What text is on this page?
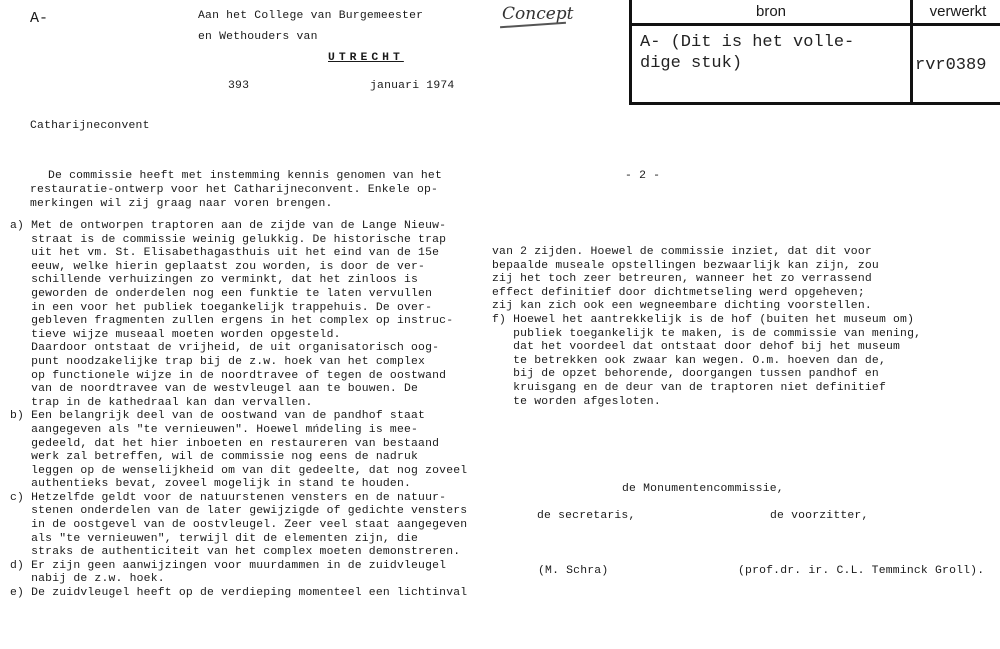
A-	Aan het College van Burgemeester
en Wethouders van
UTRECHT
393	januari 1974
Catharijneconvent
De commissie heeft met instemming kennis genomen van het
restauratie-ontwerp voor het Catharijneconvent. Enkele op-
merkingen wil zij graag naar voren brengen.
a) Met de ontworpen traptoren aan de zijde van de Lange Nieuw-
straat is de commissie weinig gelukkig. De historische trap
uit het vm. St. Elisabethagasthuis uit het eind van de 15e
eeuw, welke hierin geplaatst zou worden, is door de ver-
schillende verhuizingen zo verminkt, dat het zinloos is
geworden de onderdelen nog een funktie te laten vervullen
in een voor het publiek toegankelijk trappehuis. De over-
gebleven fragmenten zullen ergens in het complex op instruc-
tieve wijze museaal moeten worden opgesteld.
Daardoor ontstaat de vrijheid, de uit organisatorisch oog-
punt noodzakelijke trap bij de z.w. hoek van het complex
op functionele wijze in de noordtravee of tegen de oostwand
van de noordtravee van de westvleugel aan te bouwen. De
trap in de kathedraal kan dan vervallen.
b) Een belangrijk deel van de oostwand van de pandhof staat
aangegeven als "te vernieuwen". Hoewel mńdeling is mee-
gedeeld, dat het hier inboeten en restaureren van bestaand
werk zal betreffen, wil de commissie nog eens de nadruk
leggen op de wenselijkheid om van dit gedeelte, dat nog zoveel
authentieks bevat, zoveel mogelijk in stand te houden.
c) Hetzelfde geldt voor de natuurstenen vensters en de natuur-
stenen onderdelen van de later gewijzigde of gedichte vensters
in de oostgevel van de oostvleugel. Zeer veel staat aangegeven
als "te vernieuwen", terwijl dit de elementen zijn, die
straks de authenticiteit van het complex moeten demonstreren.
d) Er zijn geen aanwijzingen voor muurdammen in de zuidvleugel
nabij de z.w. hoek.
e) De zuidvleugel heeft op de verdieping momenteel een lichtinval
Concept	bron	verwerkt
A- (Dit is het volle-
dige stuk)	rvr0389
- 2 -
van 2 zijden. Hoewel de commissie inziet, dat dit voor
bepaalde museale opstellingen bezwaarlijk kan zijn, zou
zij het toch zeer betreuren, wanneer het zo verrassend
effect definitief door dichtmetseling werd opgeheven;
zij kan zich ook een wegneembare dichting voorstellen.
f) Hoewel het aantrekkelijk is de hof (buiten het museum om)
publiek toegankelijk te maken, is de commissie van mening,
dat het voordeel dat ontstaat door dehof bij het museum
te betrekken ook zwaar kan wegen. O.m. hoeven dan de,
bij de opzet behorende, doorgangen tussen pandhof en
kruisgang en de deur van de traptoren niet definitief
te worden afgesloten.
de Monumentencommissie,
de secretaris,	de voorzitter,
(M. Schra)	(prof.dr. ir. C.L. Temminck Groll).
